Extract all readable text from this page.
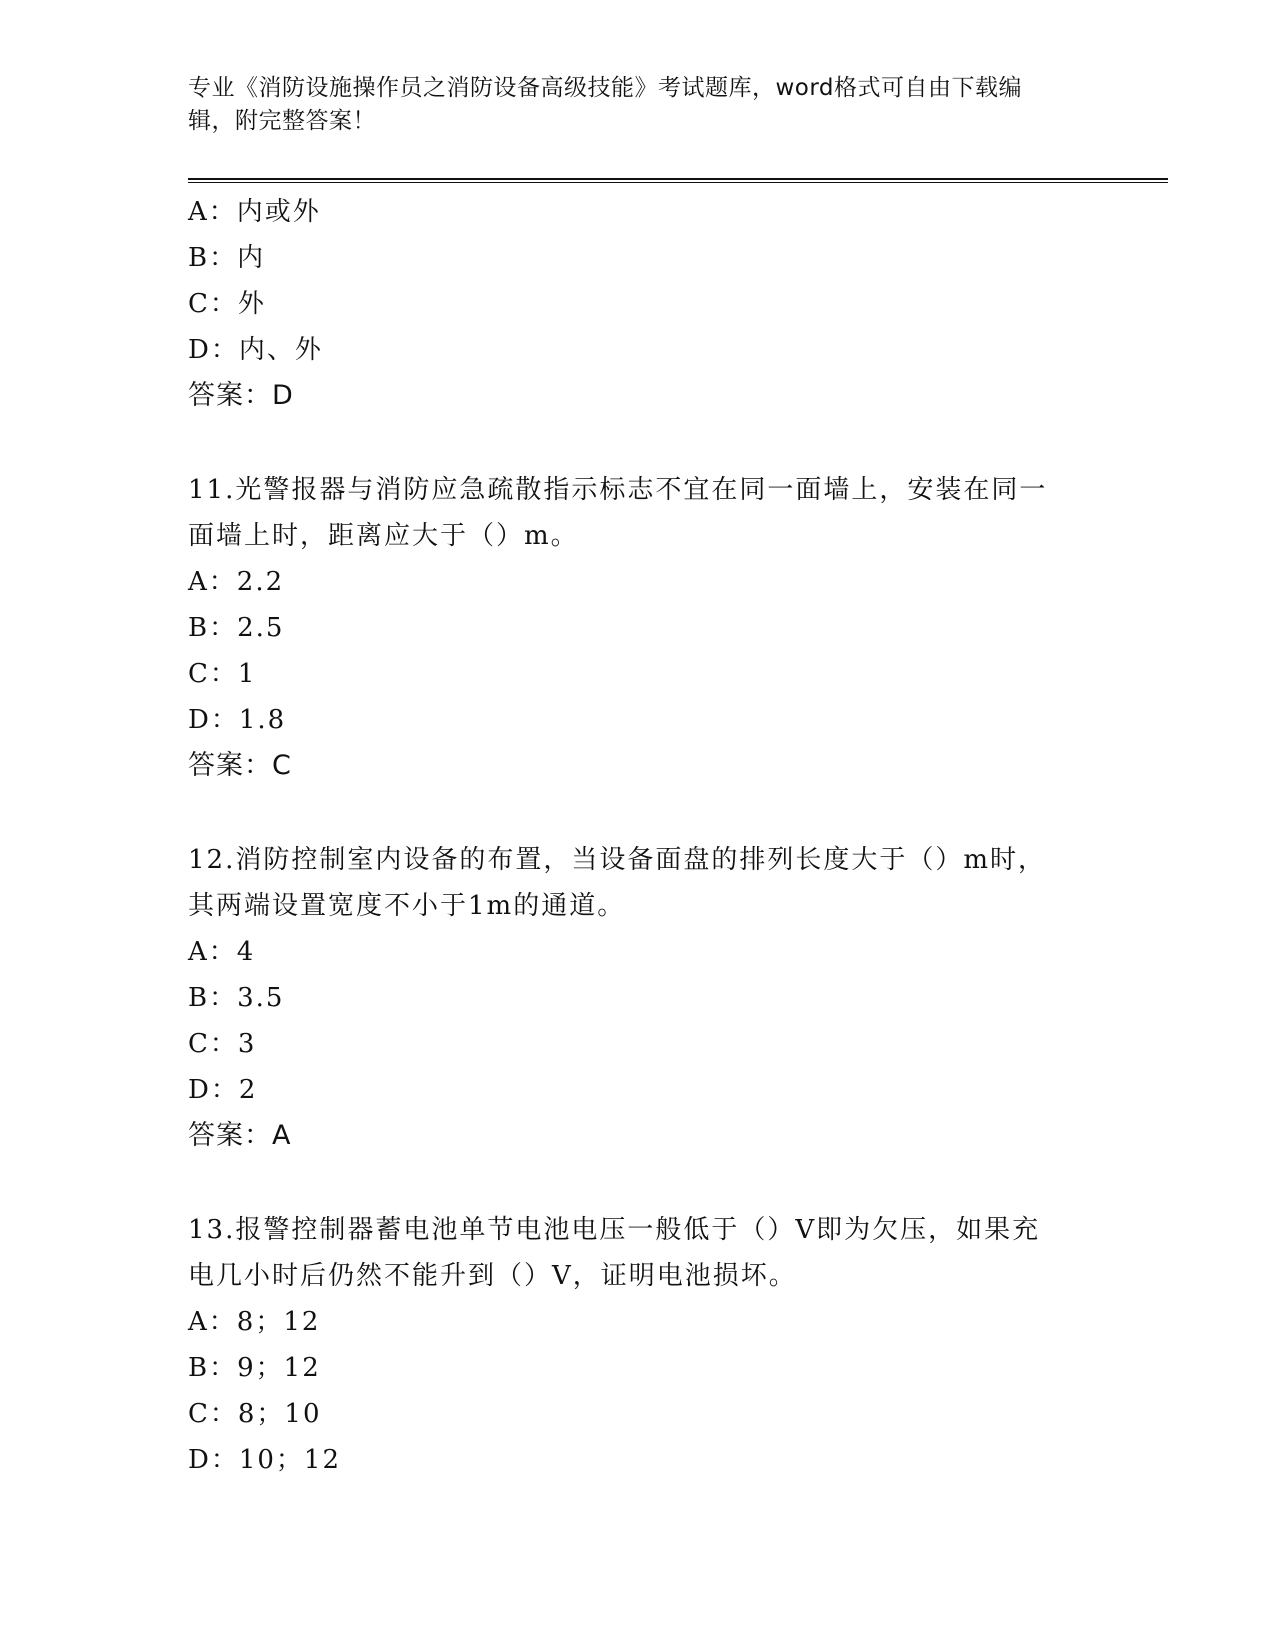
专业《消防设施操作员之消防设备高级技能》考试题库，word格式可自由下载编
辑，附完整答案！
A：内或外
B：内
C：外
D：内、外
答案：D
11.光警报器与消防应急疏散指示标志不宜在同一面墙上，安装在同一
面墙上时，距离应大于（）m。
A：2.2
B：2.5
C：1
D：1.8
答案：C
12.消防控制室内设备的布置，当设备面盘的排列长度大于（）m时，
其两端设置宽度不小于1m的通道。
A：4
B：3.5
C：3
D：2
答案：A
13.报警控制器蓄电池单节电池电压一般低于（）V即为欠压，如果充
电几小时后仍然不能升到（）V，证明电池损坏。
A：8；12
B：9；12
C：8；10
D：10；12
